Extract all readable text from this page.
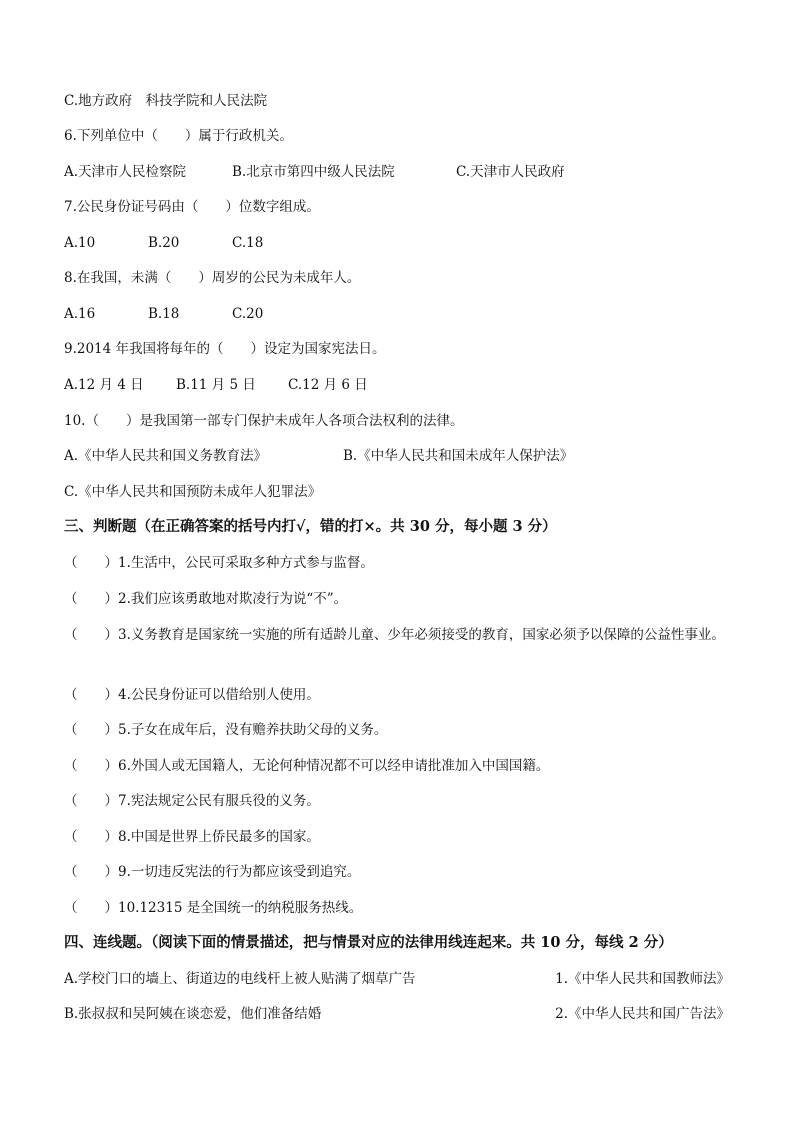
C.地方政府　科技学院和人民法院
6.下列单位中（　　）属于行政机关。
A.天津市人民检察院	B.北京市第四中级人民法院	C.天津市人民政府
7.公民身份证号码由（　　）位数字组成。
A.10	B.20	C.18
8.在我国，未满（　　）周岁的公民为未成年人。
A.16	B.18	C.20
9.2014 年我国将每年的（　　）设定为国家宪法日。
A.12 月 4 日 B.11 月 5 日 C.12 月 6 日
10.（　　）是我国第一部专门保护未成年人各项合法权利的法律。
A.《中华人民共和国义务教育法》	B.《中华人民共和国未成年人保护法》
C.《中华人民共和国预防未成年人犯罪法》
三、判断题（在正确答案的括号内打√，错的打×。共 30 分，每小题 3 分）
（　　）1.生活中，公民可采取多种方式参与监督。
（　　）2.我们应该勇敢地对欺凌行为说“不”。
（　　）3.义务教育是国家统一实施的所有适龄儿童、少年必须接受的教育，国家必须予以保障的公益性事业。
（　　）4.公民身份证可以借给别人使用。
（　　）5.子女在成年后，没有赡养扶助父母的义务。
（　　）6.外国人或无国籍人，无论何种情况都不可以经申请批准加入中国国籍。
（　　）7.宪法规定公民有服兵役的义务。
（　　）8.中国是世界上侨民最多的国家。
（　　）9.一切违反宪法的行为都应该受到追究。
（　　）10.12315 是全国统一的纳税服务热线。
四、连线题。（阅读下面的情景描述，把与情景对应的法律用线连起来。共 10 分，每线 2 分）
A.学校门口的墙上、街道边的电线杆上被人贴满了烟草广告	1.《中华人民共和国教师法》
B.张叔叔和吴阿姨在谈恋爱，他们准备结婚	2.《中华人民共和国广告法》
